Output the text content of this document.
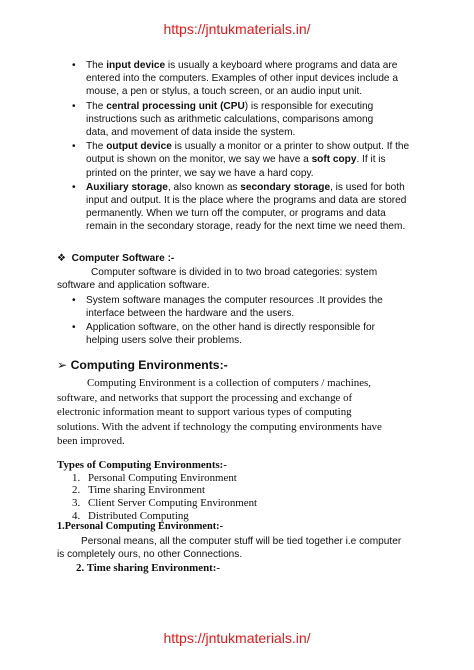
https://jntukmaterials.in/
• The input device is usually a keyboard where programs and data are
entered into the computers. Examples of other input devices include a
mouse, a pen or stylus, a touch screen, or an audio input unit.
• The central processing unit (CPU) is responsible for executing
instructions such as arithmetic calculations, comparisons among
data, and movement of data inside the system.
• The output device is usually a monitor or a printer to show output. If the
output is shown on the monitor, we say we have a soft copy. If it is
printed on the printer, we say we have a hard copy.
• Auxiliary storage, also known as secondary storage, is used for both
input and output. It is the place where the programs and data are stored
permanently. When we turn off the computer, or programs and data
remain in the secondary storage, ready for the next time we need them.
❖ Computer Software :-
Computer software is divided in to two broad categories: system
software and application software.
• System software manages the computer resources .It provides the
interface between the hardware and the users.
• Application software, on the other hand is directly responsible for
helping users solve their problems.
➢ Computing Environments:-
Computing Environment is a collection of computers / machines,
software, and networks that support the processing and exchange of
electronic information meant to support various types of computing
solutions. With the advent if technology the computing environments have
been improved.
Types of Computing Environments:-
1. Personal Computing Environment
2. Time sharing Environment
3. Client Server Computing Environment
4. Distributed Computing
1.Personal Computing Environment:-
Personal means, all the computer stuff will be tied together i.e computer
is completely ours, no other Connections.
2. Time sharing Environment:-
https://jntukmaterials.in/
